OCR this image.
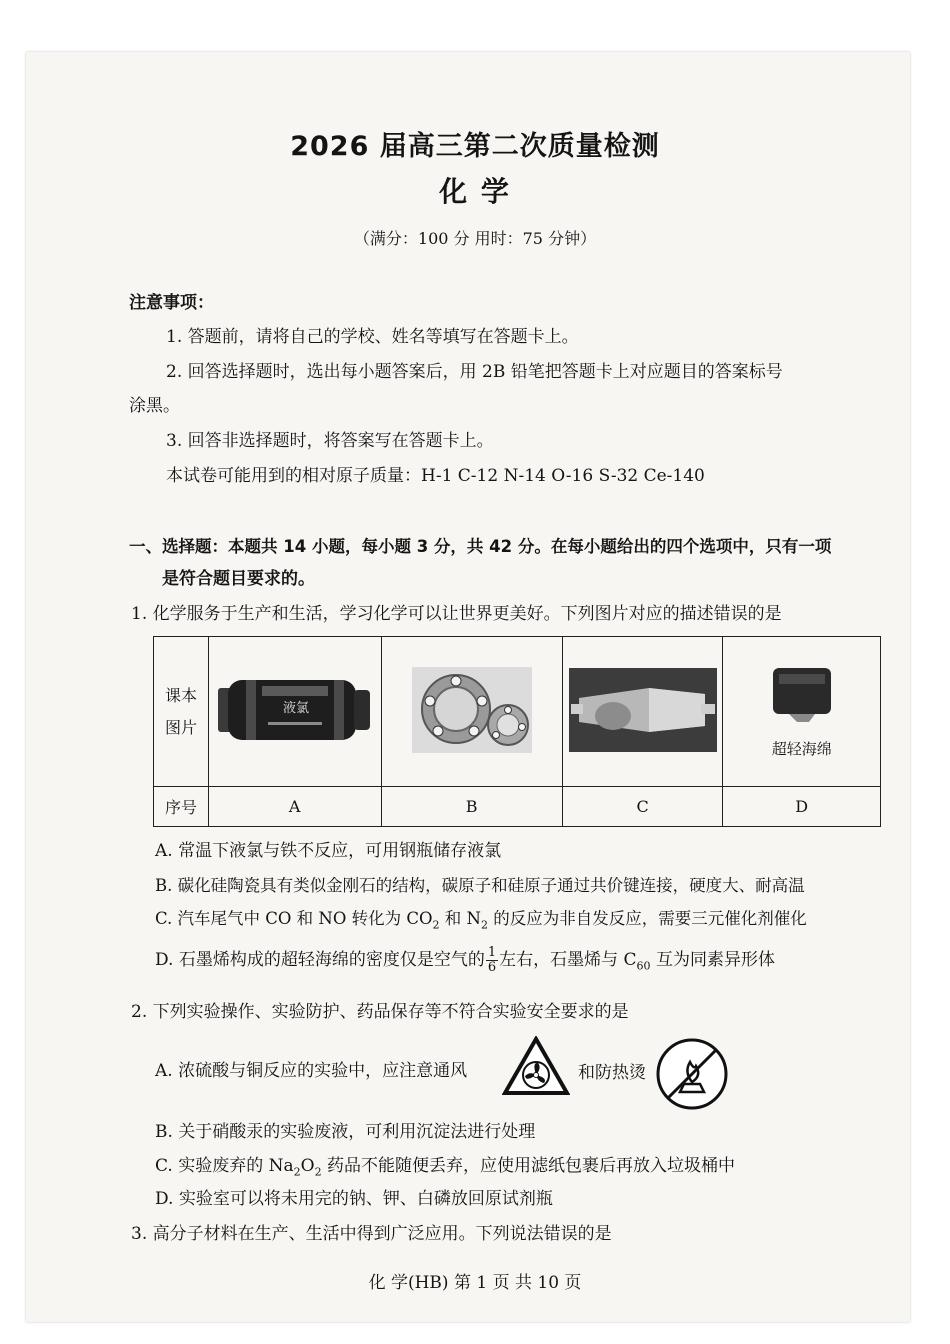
2026 届高三第二次质量检测
化 学
（满分：100 分 用时：75 分钟）
注意事项：
1. 答题前，请将自己的学校、姓名等填写在答题卡上。
2. 回答选择题时，选出每小题答案后，用 2B 铅笔把答题卡上对应题目的答案标号
涂黑。
3. 回答非选择题时，将答案写在答题卡上。
本试卷可能用到的相对原子质量：H-1 C-12 N-14 O-16 S-32 Ce-140
一、选择题：本题共 14 小题，每小题 3 分，共 42 分。在每小题给出的四个选项中，只有一项
是符合题目要求的。
1. 化学服务于生产和生活，学习化学可以让世界更美好。下列图片对应的描述错误的是
课本
图片	液氯			超轻海绵

序号	A	B	C	D
A. 常温下液氯与铁不反应，可用钢瓶储存液氯
B. 碳化硅陶瓷具有类似金刚石的结构，碳原子和硅原子通过共价键连接，硬度大、耐高温
C. 汽车尾气中 CO 和 NO 转化为 $CO_2$ 和 $N_2$ 的反应为非自发反应，需要三元催化剂催化
D. 石墨烯构成的超轻海绵的密度仅是空气的 $\frac{1}{6}$ 左右，石墨烯与 $C_{60}$ 互为同素异形体
2. 下列实验操作、实验防护、药品保存等不符合实验安全要求的是
A. 浓硫酸与铜反应的实验中，应注意通风	和防热烫
B. 关于硝酸汞的实验废液，可利用沉淀法进行处理
C. 实验废弃的 $Na_2O_2$ 药品不能随便丢弃，应使用滤纸包裹后再放入垃圾桶中
D. 实验室可以将未用完的钠、钾、白磷放回原试剂瓶
3. 高分子材料在生产、生活中得到广泛应用。下列说法错误的是
化 学(HB) 第 1 页 共 10 页
